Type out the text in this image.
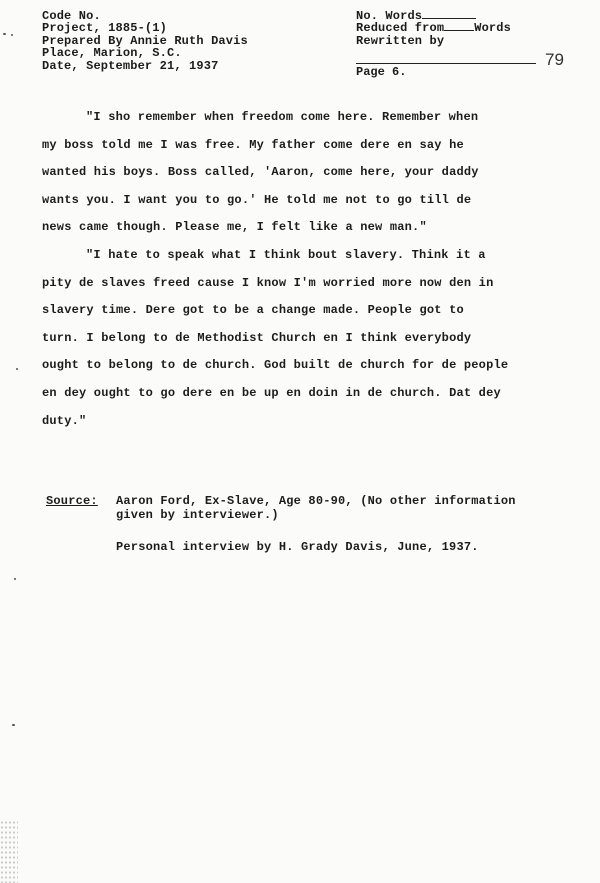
Code No.
Project, 1885-(1)
Prepared By Annie Ruth Davis
Place, Marion, S.C.
Date, September 21, 1937
No. Words
Reduced from	Words
Rewritten by
Page 6.
79
"I sho remember when freedom come here. Remember when
my boss told me I was free. My father come dere en say he
wanted his boys. Boss called, 'Aaron, come here, your daddy
wants you. I want you to go.' He told me not to go till de
news came though. Please me, I felt like a new man."
"I hate to speak what I think bout slavery. Think it a
pity de slaves freed cause I know I'm worried more now den in
slavery time. Dere got to be a change made. People got to
turn. I belong to de Methodist Church en I think everybody
ought to belong to de church. God built de church for de people
en dey ought to go dere en be up en doin in de church. Dat dey
duty."
Source: Aaron Ford, Ex-Slave, Age 80-90, (No other information
given by interviewer.)
Personal interview by H. Grady Davis, June, 1937.
